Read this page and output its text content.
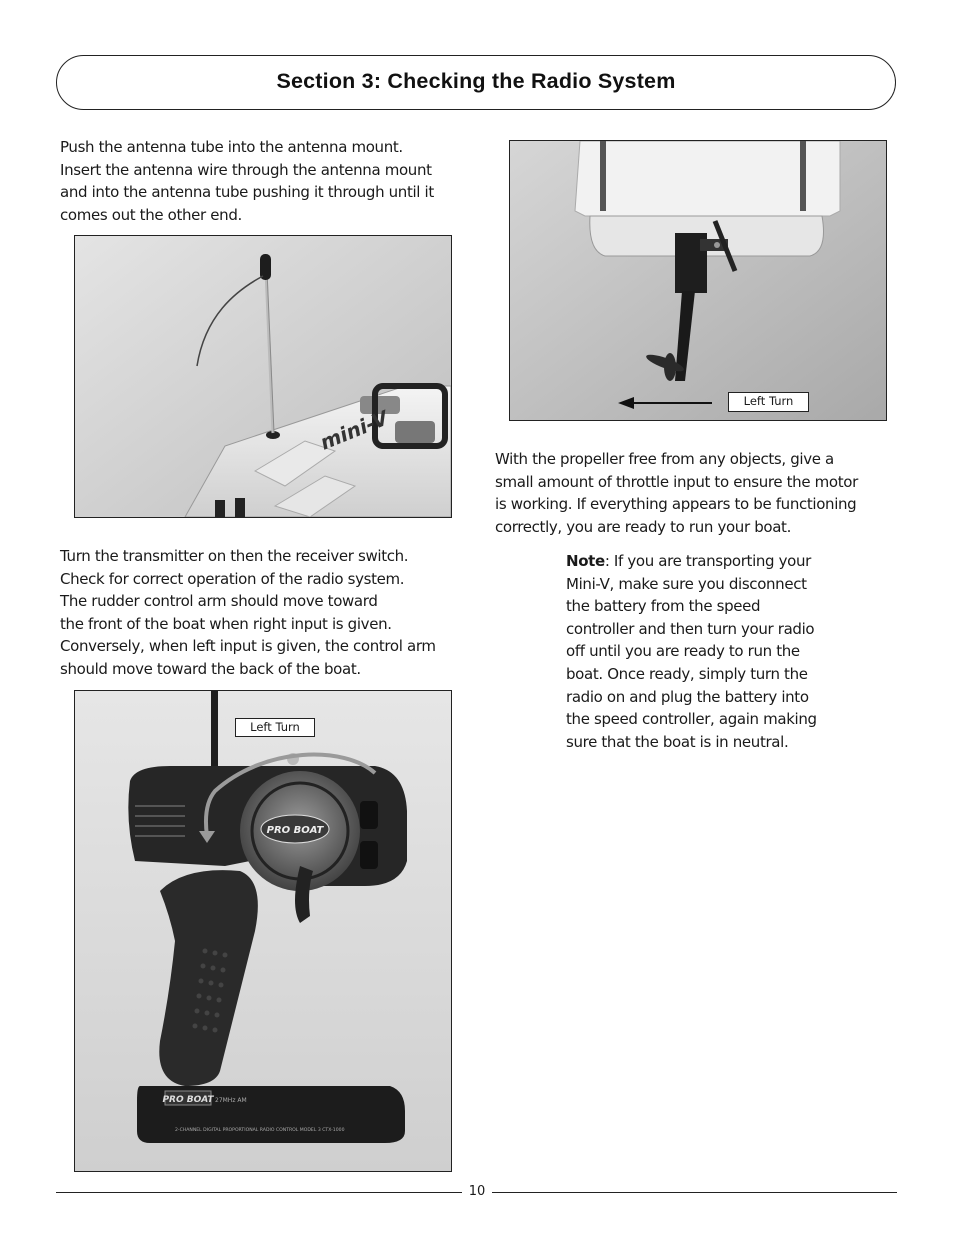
Section 3: Checking the Radio System
Push the antenna tube into the antenna mount.
Insert the antenna wire through the antenna mount
and into the antenna tube pushing it through until it
comes out the other end.
mini-V
Turn the transmitter on then the receiver switch.
Check for correct operation of the radio system.
The rudder control arm should move toward
the front of the boat when right input is given.
Conversely, when left input is given, the control arm
should move toward the back of the boat.
PRO BOAT
PRO BOAT 27MHz AM
2-CHANNEL DIGITAL PROPORTIONAL RADIO CONTROL MODEL 3 CTX-1000
Left Turn
Left Turn
With the propeller free from any objects, give a
small amount of throttle input to ensure the motor
is working. If everything appears to be functioning
correctly, you are ready to run your boat.
Note: If you are transporting your
Mini-V, make sure you disconnect
the battery from the speed
controller and then turn your radio
off until you are ready to run the
boat. Once ready, simply turn the
radio on and plug the battery into
the speed controller, again making
sure that the boat is in neutral.
10
